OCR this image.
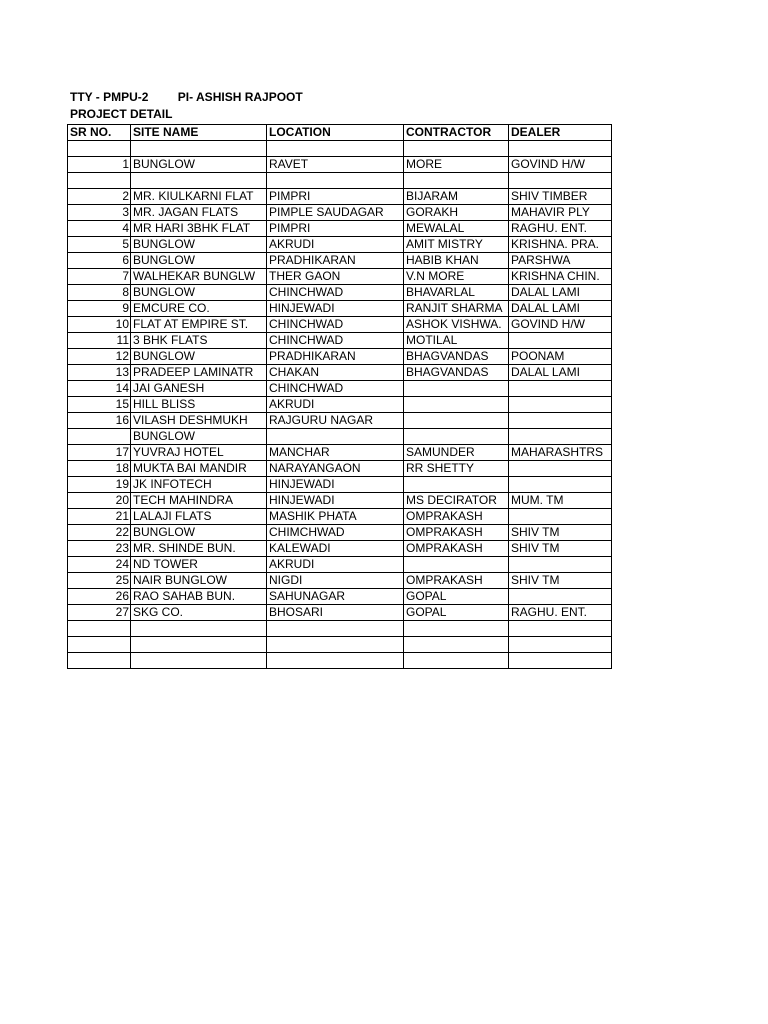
TTY - PMPU-2 PI- ASHISH RAJPOOT
PROJECT DETAIL
SR NO.	SITE NAME	LOCATION	CONTRACTOR	DEALER

1	BUNGLOW	RAVET	MORE	GOVIND H/W

2	MR. KIULKARNI FLAT	PIMPRI	BIJARAM	SHIV TIMBER
3	MR. JAGAN FLATS	PIMPLE SAUDAGAR	GORAKH	MAHAVIR PLY
4	MR HARI 3BHK FLAT	PIMPRI	MEWALAL	RAGHU. ENT.
5	BUNGLOW	AKRUDI	AMIT MISTRY	KRISHNA. PRA.
6	BUNGLOW	PRADHIKARAN	HABIB KHAN	PARSHWA
7	WALHEKAR BUNGLW	THER GAON	V.N MORE	KRISHNA CHIN.
8	BUNGLOW	CHINCHWAD	BHAVARLAL	DALAL LAMI
9	EMCURE CO.	HINJEWADI	RANJIT SHARMA	DALAL LAMI
10	FLAT AT EMPIRE ST.	CHINCHWAD	ASHOK VISHWA.	GOVIND H/W
11	3 BHK FLATS	CHINCHWAD	MOTILAL	
12	BUNGLOW	PRADHIKARAN	BHAGVANDAS	POONAM
13	PRADEEP LAMINATR	CHAKAN	BHAGVANDAS	DALAL LAMI
14	JAI GANESH	CHINCHWAD		
15	HILL BLISS	AKRUDI		
16	VILASH DESHMUKH	RAJGURU NAGAR		
	BUNGLOW			
17	YUVRAJ HOTEL	MANCHAR	SAMUNDER	MAHARASHTRS
18	MUKTA BAI MANDIR	NARAYANGAON	RR SHETTY	
19	JK INFOTECH	HINJEWADI		
20	TECH MAHINDRA	HINJEWADI	MS DECIRATOR	MUM. TM
21	LALAJI FLATS	MASHIK PHATA	OMPRAKASH	
22	BUNGLOW	CHIMCHWAD	OMPRAKASH	SHIV TM
23	MR. SHINDE BUN.	KALEWADI	OMPRAKASH	SHIV TM
24	ND TOWER	AKRUDI		
25	NAIR BUNGLOW	NIGDI	OMPRAKASH	SHIV TM
26	RAO SAHAB BUN.	SAHUNAGAR	GOPAL	
27	SKG CO.	BHOSARI	GOPAL	RAGHU. ENT.
